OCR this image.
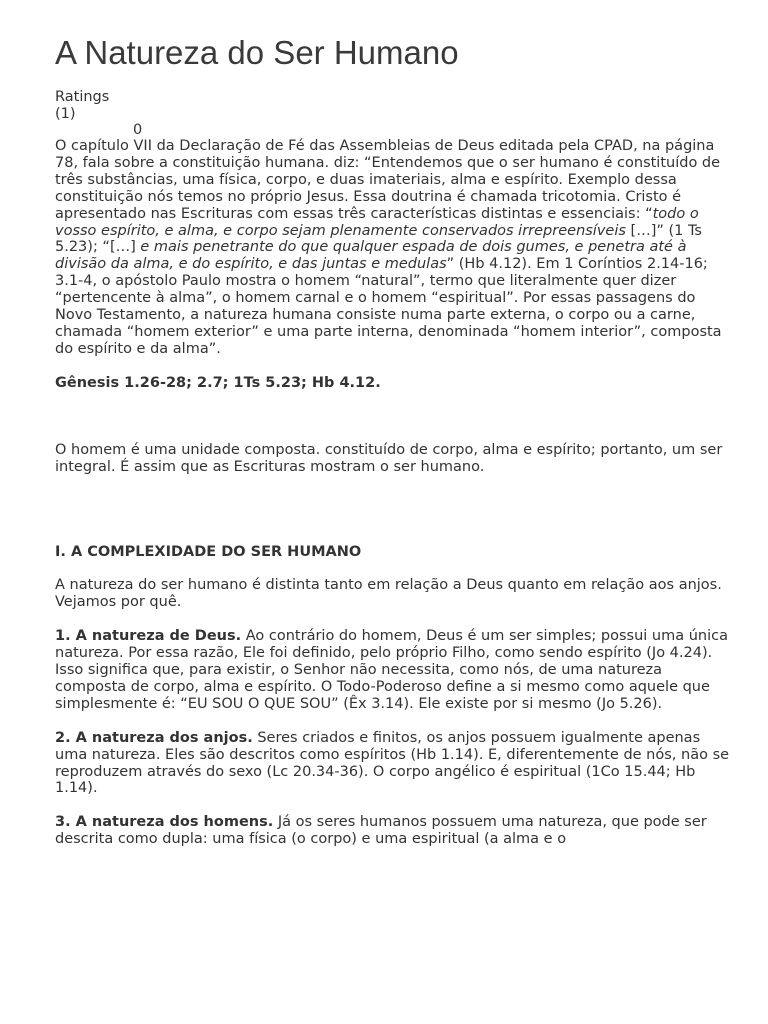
A Natureza do Ser Humano
Ratings
(1)
0

O capítulo VII da Declaração de Fé das Assembleias de Deus editada pela CPAD, na página 78, fala sobre a constituição humana. diz: “Entendemos que o ser humano é constituído de três substâncias, uma física, corpo, e duas imateriais, alma e espírito. Exemplo dessa constituição nós temos no próprio Jesus. Essa doutrina é chamada tricotomia. Cristo é apresentado nas Escrituras com essas três características distintas e essenciais: “todo o vosso espírito, e alma, e corpo sejam plenamente conservados irrepreensíveis […]” (1 Ts 5.23); “[…] e mais penetrante do que qualquer espada de dois gumes, e penetra até à divisão da alma, e do espírito, e das juntas e medulas” (Hb 4.12). Em 1 Coríntios 2.14-16; 3.1-4, o apóstolo Paulo mostra o homem “natural”, termo que literalmente quer dizer “pertencente à alma”, o homem carnal e o homem “espiritual”. Por essas passagens do Novo Testamento, a natureza humana consiste numa parte externa, o corpo ou a carne, chamada “homem exterior” e uma parte interna, denominada “homem interior”, composta do espírito e da alma”.

Gênesis 1.26-28; 2.7; 1Ts 5.23; Hb 4.12.

O homem é uma unidade composta. constituído de corpo, alma e espírito; portanto, um ser integral. É assim que as Escrituras mostram o ser humano.

I. A COMPLEXIDADE DO SER HUMANO

A natureza do ser humano é distinta tanto em relação a Deus quanto em relação aos anjos. Vejamos por quê.

1. A natureza de Deus. Ao contrário do homem, Deus é um ser simples; possui uma única natureza. Por essa razão, Ele foi definido, pelo próprio Filho, como sendo espírito (Jo 4.24). Isso significa que, para existir, o Senhor não necessita, como nós, de uma natureza composta de corpo, alma e espírito. O Todo-Poderoso define a si mesmo como aquele que simplesmente é: “EU SOU O QUE SOU” (Êx 3.14). Ele existe por si mesmo (Jo 5.26).

2. A natureza dos anjos. Seres criados e finitos, os anjos possuem igualmente apenas uma natureza. Eles são descritos como espíritos (Hb 1.14). E, diferentemente de nós, não se reproduzem através do sexo (Lc 20.34-36). O corpo angélico é espiritual (1Co 15.44; Hb 1.14).

3. A natureza dos homens. Já os seres humanos possuem uma natureza, que pode ser descrita como dupla: uma física (o corpo) e uma espiritual (a alma e o
